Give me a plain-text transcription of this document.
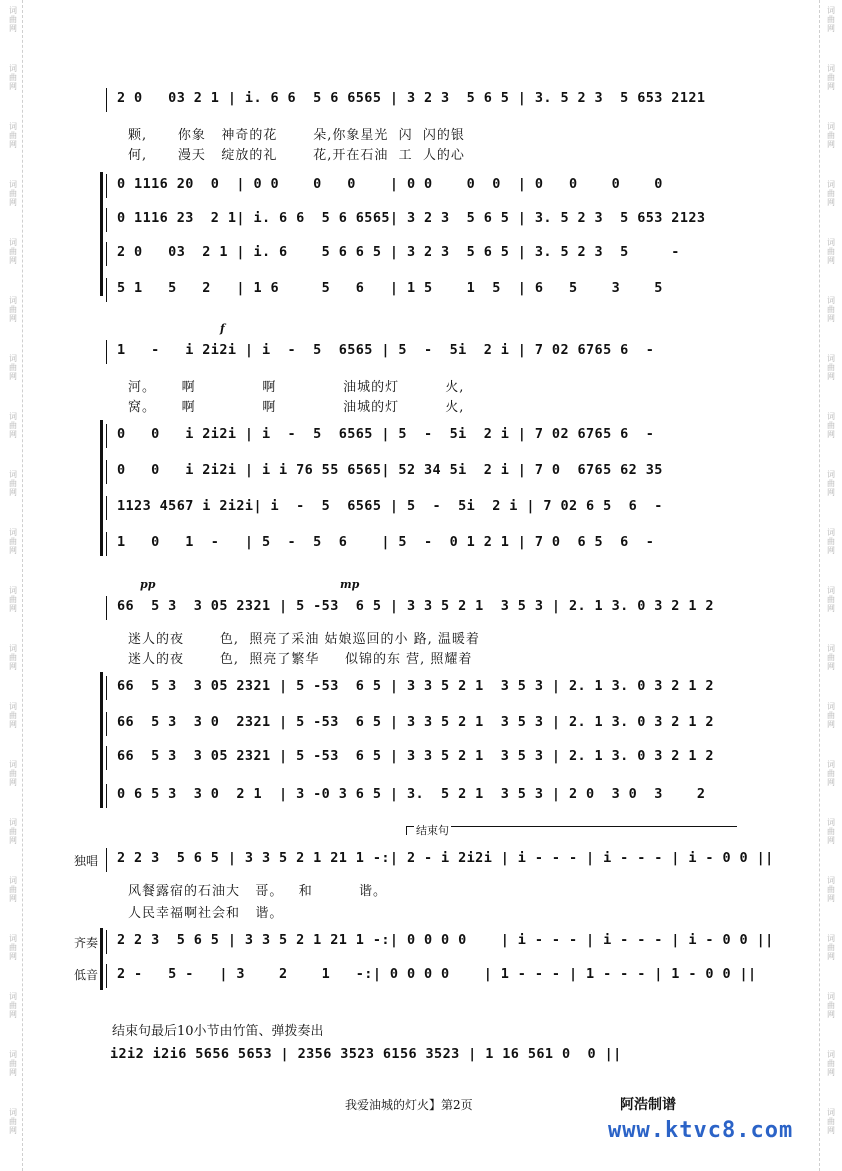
词
曲
网
词
曲
网
词
曲
网
词
曲
网
词
曲
网
词
曲
网
词
曲
网
词
曲
网
词
曲
网
词
曲
网
词
曲
网
词
曲
网
词
曲
网
词
曲
网
词
曲
网
词
曲
网
词
曲
网
词
曲
网
词
曲
网
词
曲
网
词
曲
网
词
曲
网
词
曲
网
词
曲
网
词
曲
网
词
曲
网
词
曲
网
词
曲
网
词
曲
网
词
曲
网
词
曲
网
词
曲
网
词
曲
网
词
曲
网
词
曲
网
词
曲
网
词
曲
网
词
曲
网
词
曲
网
词
曲
网
2 0   03 2 1 | i. 6 6  5 6 6565 | 3 2 3  5 6 5 | 3. 5 2 3  5 653 2121
颗,      你象   神奇的花       朵,你象星光  闪  闪的银
何,      漫天   绽放的礼       花,开在石油  工  人的心
0 1116 20  0  | 0 0    0   0    | 0 0    0  0  | 0   0    0    0
0 1116 23  2 1| i. 6 6  5 6 6565| 3 2 3  5 6 5 | 3. 5 2 3  5 653 2123
2 0   03  2 1 | i. 6    5 6 6 5 | 3 2 3  5 6 5 | 3. 5 2 3  5     -
5 1   5   2   | 1 6     5   6   | 1 5    1  5  | 6   5    3    5
f
1   -   i 2i2i | i  -  5  6565 | 5  -  5i  2 i | 7 02 6765 6  -
河。     啊             啊             油城的灯         火,
窝。     啊             啊             油城的灯         火,
0   0   i 2i2i | i  -  5  6565 | 5  -  5i  2 i | 7 02 6765 6  -
0   0   i 2i2i | i i 76 55 6565| 52 34 5i  2 i | 7 0  6765 62 35
1123 4567 i 2i2i| i  -  5  6565 | 5  -  5i  2 i | 7 02 6 5  6  -
1   0   1  -   | 5  -  5  6    | 5  -  0 1 2 1 | 7 0  6 5  6  -
pp	mp
66  5 3  3 05 2321 | 5 -53  6 5 | 3 3 5 2 1  3 5 3 | 2. 1 3. 0 3 2 1 2
迷人的夜       色,  照亮了采油 姑娘巡回的小 路, 温暖着
迷人的夜       色,  照亮了繁华     似锦的东 营, 照耀着
66  5 3  3 05 2321 | 5 -53  6 5 | 3 3 5 2 1  3 5 3 | 2. 1 3. 0 3 2 1 2
66  5 3  3 0  2321 | 5 -53  6 5 | 3 3 5 2 1  3 5 3 | 2. 1 3. 0 3 2 1 2
66  5 3  3 05 2321 | 5 -53  6 5 | 3 3 5 2 1  3 5 3 | 2. 1 3. 0 3 2 1 2
0 6 5 3  3 0  2 1  | 3 -0 3 6 5 | 3.  5 2 1  3 5 3 | 2 0  3 0  3    2
结束句
独唱
齐奏
低音
2 2 3  5 6 5 | 3 3 5 2 1 21 1 -:| 2 - i 2i2i | i - - - | i - - - | i - 0 0 ||
风餐露宿的石油大   哥。   和         谐。
人民幸福啊社会和   谐。
2 2 3  5 6 5 | 3 3 5 2 1 21 1 -:| 0 0 0 0    | i - - - | i - - - | i - 0 0 ||
2 -   5 -   | 3    2    1   -:| 0 0 0 0    | 1 - - - | 1 - - - | 1 - 0 0 ||
结束句最后10小节由竹笛、弹拨奏出
i2i2 i2i6 5656 5653 | 2356 3523 6156 3523 | 1 16 561 0  0 ||
我爱油城的灯火】第2页	阿浩制谱
www.ktvc8.com
